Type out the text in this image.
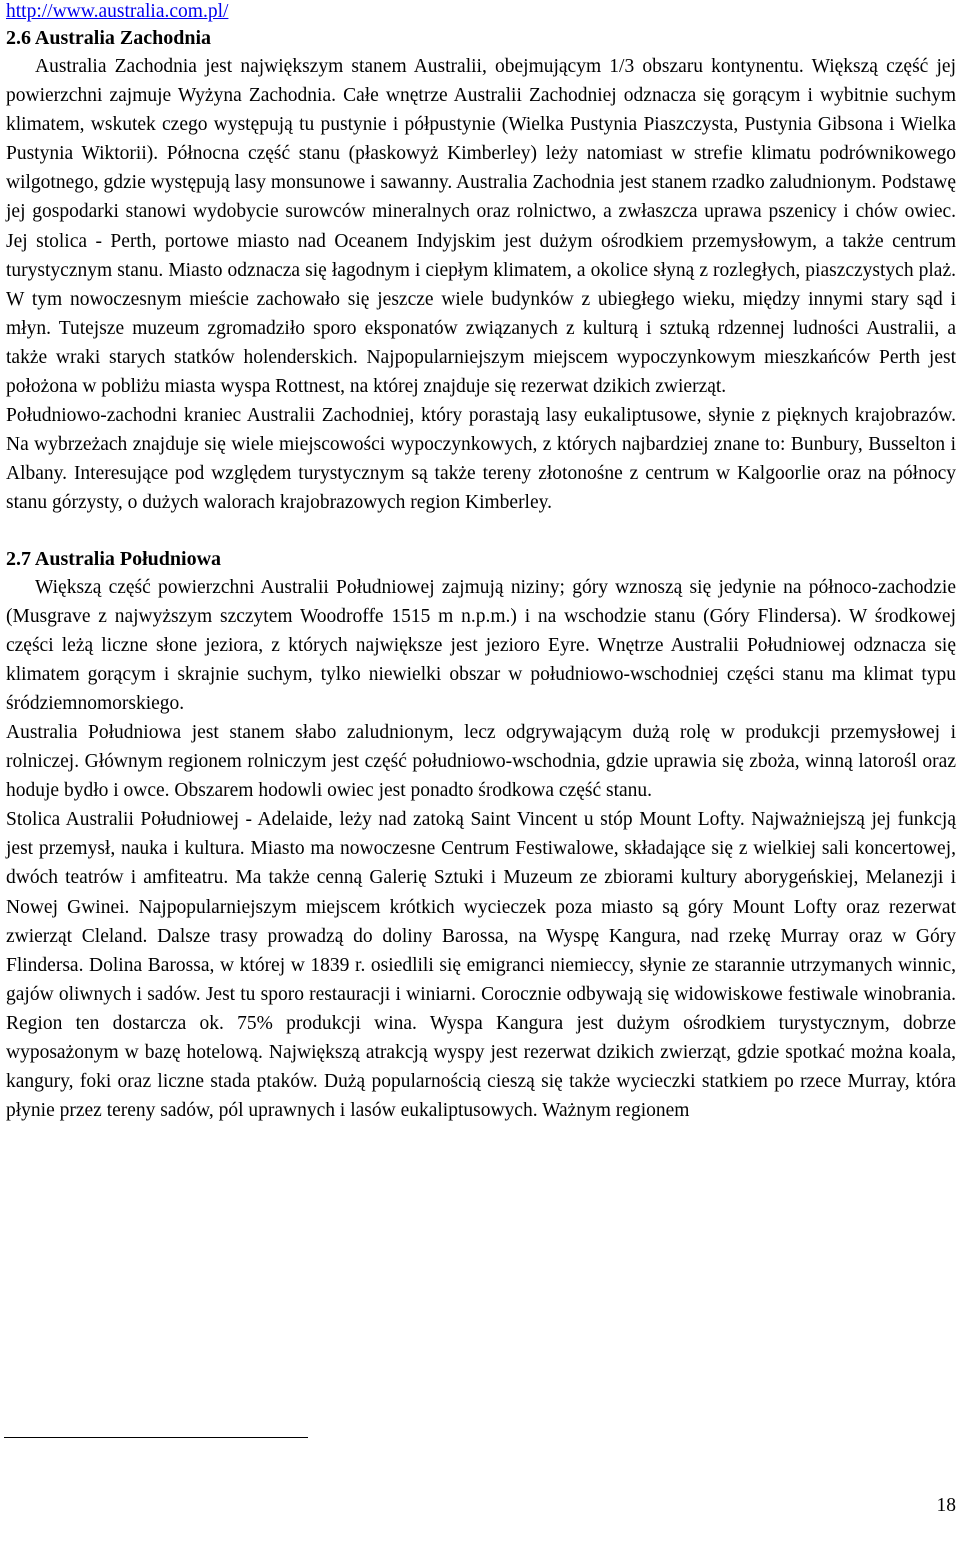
http://www.australia.com.pl/
2.6 Australia Zachodnia

Australia Zachodnia jest największym stanem Australii, obejmującym 1/3 obszaru kontynentu. Większą część jej powierzchni zajmuje Wyżyna Zachodnia. Całe wnętrze Australii Zachodniej odznacza się gorącym i wybitnie suchym klimatem, wskutek czego występują tu pustynie i półpustynie (Wielka Pustynia Piaszczysta, Pustynia Gibsona i Wielka Pustynia Wiktorii). Północna część stanu (płaskowyż Kimberley) leży natomiast w strefie klimatu podrównikowego wilgotnego, gdzie występują lasy monsunowe i sawanny. Australia Zachodnia jest stanem rzadko zaludnionym. Podstawę jej gospodarki stanowi wydobycie surowców mineralnych oraz rolnictwo, a zwłaszcza uprawa pszenicy i chów owiec. Jej stolica - Perth, portowe miasto nad Oceanem Indyjskim jest dużym ośrodkiem przemysłowym, a także centrum turystycznym stanu. Miasto odznacza się łagodnym i ciepłym klimatem, a okolice słyną z rozległych, piaszczystych plaż. W tym nowoczesnym mieście zachowało się jeszcze wiele budynków z ubiegłego wieku, między innymi stary sąd i młyn. Tutejsze muzeum zgromadziło sporo eksponatów związanych z kulturą i sztuką rdzennej ludności Australii, a także wraki starych statków holenderskich. Najpopularniejszym miejscem wypoczynkowym mieszkańców Perth jest położona w pobliżu miasta wyspa Rottnest, na której znajduje się rezerwat dzikich zwierząt.

Południowo-zachodni kraniec Australii Zachodniej, który porastają lasy eukaliptusowe, słynie z pięknych krajobrazów. Na wybrzeżach znajduje się wiele miejscowości wypoczynkowych, z których najbardziej znane to: Bunbury, Busselton i Albany. Interesujące pod względem turystycznym są także tereny złotonośne z centrum w Kalgoorlie oraz na północy stanu górzysty, o dużych walorach krajobrazowych region Kimberley.

2.7 Australia Południowa

Większą część powierzchni Australii Południowej zajmują niziny; góry wznoszą się jedynie na północo-zachodzie (Musgrave z najwyższym szczytem Woodroffe 1515 m n.p.m.) i na wschodzie stanu (Góry Flindersa). W środkowej części leżą liczne słone jeziora, z których największe jest jezioro Eyre. Wnętrze Australii Południowej odznacza się klimatem gorącym i skrajnie suchym, tylko niewielki obszar w południowo-wschodniej części stanu ma klimat typu śródziemnomorskiego.

Australia Południowa jest stanem słabo zaludnionym, lecz odgrywającym dużą rolę w produkcji przemysłowej i rolniczej. Głównym regionem rolniczym jest część południowo-wschodnia, gdzie uprawia się zboża, winną latorośl oraz hoduje bydło i owce. Obszarem hodowli owiec jest ponadto środkowa część stanu.

Stolica Australii Południowej - Adelaide, leży nad zatoką Saint Vincent u stóp Mount Lofty. Najważniejszą jej funkcją jest przemysł, nauka i kultura. Miasto ma nowoczesne Centrum Festiwalowe, składające się z wielkiej sali koncertowej, dwóch teatrów i amfiteatru. Ma także cenną Galerię Sztuki i Muzeum ze zbiorami kultury aborygeńskiej, Melanezji i Nowej Gwinei. Najpopularniejszym miejscem krótkich wycieczek poza miasto są góry Mount Lofty oraz rezerwat zwierząt Cleland. Dalsze trasy prowadzą do doliny Barossa, na Wyspę Kangura, nad rzekę Murray oraz w Góry Flindersa. Dolina Barossa, w której w 1839 r. osiedlili się emigranci niemieccy, słynie ze starannie utrzymanych winnic, gajów oliwnych i sadów. Jest tu sporo restauracji i winiarni. Corocznie odbywają się widowiskowe festiwale winobrania. Region ten dostarcza ok. 75% produkcji wina. Wyspa Kangura jest dużym ośrodkiem turystycznym, dobrze wyposażonym w bazę hotelową. Największą atrakcją wyspy jest rezerwat dzikich zwierząt, gdzie spotkać można koala, kangury, foki oraz liczne stada ptaków. Dużą popularnością cieszą się także wycieczki statkiem po rzece Murray, która płynie przez tereny sadów, pól uprawnych i lasów eukaliptusowych. Ważnym regionem

18
